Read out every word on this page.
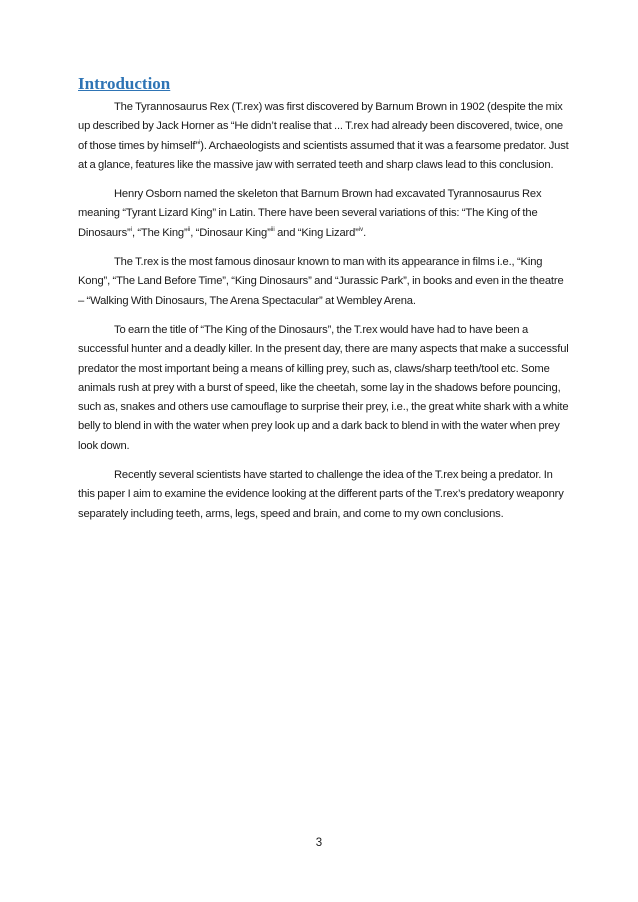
Introduction

The Tyrannosaurus Rex (T.rex) was first discovered by Barnum Brown in 1902 (despite the mix up described by Jack Horner as “He didn’t realise that ... T.rex had already been discovered, twice, one of those times by himself”$^i$). Archaeologists and scientists assumed that it was a fearsome predator. Just at a glance, features like the massive jaw with serrated teeth and sharp claws lead to this conclusion.

Henry Osborn named the skeleton that Barnum Brown had excavated Tyrannosaurus Rex meaning “Tyrant Lizard King” in Latin. There have been several variations of this: “The King of the Dinosaurs”$^i$, “The King”$^{ii}$, “Dinosaur King”$^{iii}$ and “King Lizard”$^{iv}$.

The T.rex is the most famous dinosaur known to man with its appearance in films i.e., “King Kong”, “The Land Before Time”, “King Dinosaurs” and “Jurassic Park”, in books and even in the theatre – “Walking With Dinosaurs, The Arena Spectacular” at Wembley Arena.

To earn the title of “The King of the Dinosaurs”, the T.rex would have had to have been a successful hunter and a deadly killer. In the present day, there are many aspects that make a successful predator the most important being a means of killing prey, such as, claws/sharp teeth/tool etc. Some animals rush at prey with a burst of speed, like the cheetah, some lay in the shadows before pouncing, such as, snakes and others use camouflage to surprise their prey, i.e., the great white shark with a white belly to blend in with the water when prey look up and a dark back to blend in with the water when prey look down.

Recently several scientists have started to challenge the idea of the T.rex being a predator. In this paper I aim to examine the evidence looking at the different parts of the T.rex’s predatory weaponry separately including teeth, arms, legs, speed and brain, and come to my own conclusions.

3
